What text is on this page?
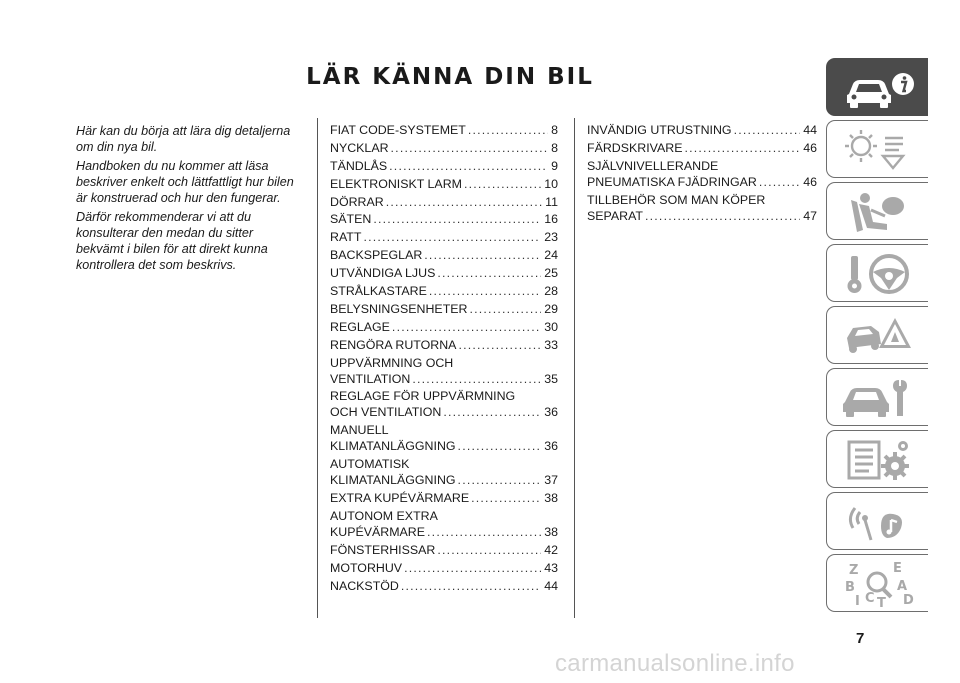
LÄR KÄNNA DIN BIL

Här kan du börja att lära dig detaljerna om din nya bil.

Handboken du nu kommer att läsa beskriver enkelt och lättfattligt hur bilen är konstruerad och hur den fungerar.

Därför rekommenderar vi att du konsulterar den medan du sitter bekvämt i bilen för att direkt kunna kontrollera det som beskrivs.

FIAT CODE-SYSTEMET .....	8
NYCKLAR .....	8
TÄNDLÅS .....	9
ELEKTRONISKT LARM .....	10
DÖRRAR .....	11
SÄTEN .....	16
RATT .....	23
BACKSPEGLAR .....	24
UTVÄNDIGA LJUS .....	25
STRÅLKASTARE .....	28
BELYSNINGSENHETER .....	29
REGLAGE .....	30
RENGÖRA RUTORNA .....	33
UPPVÄRMNING OCH
VENTILATION .....	35
REGLAGE FÖR UPPVÄRMNING
OCH VENTILATION .....	36
MANUELL
KLIMATANLÄGGNING .....	36
AUTOMATISK
KLIMATANLÄGGNING .....	37
EXTRA KUPÉVÄRMARE .....	38
AUTONOM EXTRA
KUPÉVÄRMARE .....	38
FÖNSTERHISSAR .....	42
MOTORHUV .....	43
NACKSTÖD .....	44
INVÄNDIG UTRUSTNING .....	44
FÄRDSKRIVARE .....	46
SJÄLVNIVELLERANDE
PNEUMATISKA FJÄDRINGAR .....	46
TILLBEHÖR SOM MAN KÖPER
SEPARAT .....	47
Z	E
B	A
I C T D
7
carmanualsonline.info
